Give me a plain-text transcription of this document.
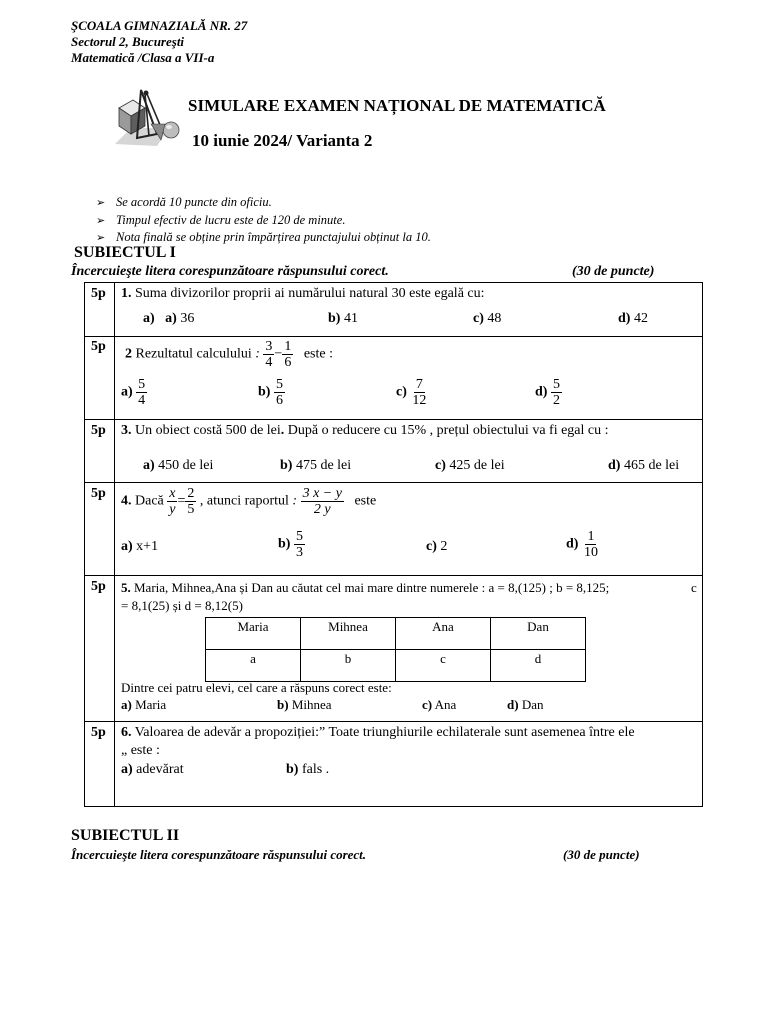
ŞCOALA GIMNAZIALĂ NR. 27
Sectorul 2, Bucureşti
Matematică /Clasa a VII-a
SIMULARE EXAMEN NAȚIONAL DE MATEMATICĂ
10 iunie 2024/ Varianta 2
➢ Se acordă 10 puncte din oficiu.
➢ Timpul efectiv de lucru este de 120 de minute.
➢ Nota finală se obține prin împărțirea punctajului obținut la 10.
SUBIECTUL I
Încercuieşte litera corespunzătoare răspunsului corect.	(30 de puncte)
5p 1. Suma divizorilor proprii ai numărului natural 30 este egală cu:
a) a) 36	b) 41	c) 48	d) 42
5p
2 Rezultatul calculului : $\frac{3}{4} - \frac{1}{6}$ este :
$a) \frac{5}{4}$	$b) \frac{5}{6}$	$c) \frac{7}{12}$	$d) \frac{5}{2}$
5p 3. Un obiect costă 500 de lei. După o reducere cu 15% , prețul obiectului va fi egal cu :
a) 450 de lei	b) 475 de lei	c) 425 de lei	d) 465 de lei
5p
4. Dacă $\frac{x}{y} = \frac{2}{5}$ , atunci raportul : $\frac{3 x - y}{2 y}$ este
a) x+1	$b) \frac{5}{3}$	c) 2	$d) \frac{1}{10}$
5p 5. Maria, Mihnea,Ana și Dan au căutat cel mai mare dintre numerele : a = 8,(125) ; b = 8,125;	c
= 8,1(25) și d = 8,12(5)
Maria	Mihnea	Ana	Dan
a	b	c	d
Dintre cei patru elevi, cel care a răspuns corect este:
a) Maria	b) Mihnea	c) Ana	d) Dan
5p 6. Valoarea de adevăr a propoziției:” Toate triunghiurile echilaterale sunt asemenea între ele
„ este :
a) adevărat	b) fals .
SUBIECTUL II
Încercuieşte litera corespunzătoare răspunsului corect.	(30 de puncte)
